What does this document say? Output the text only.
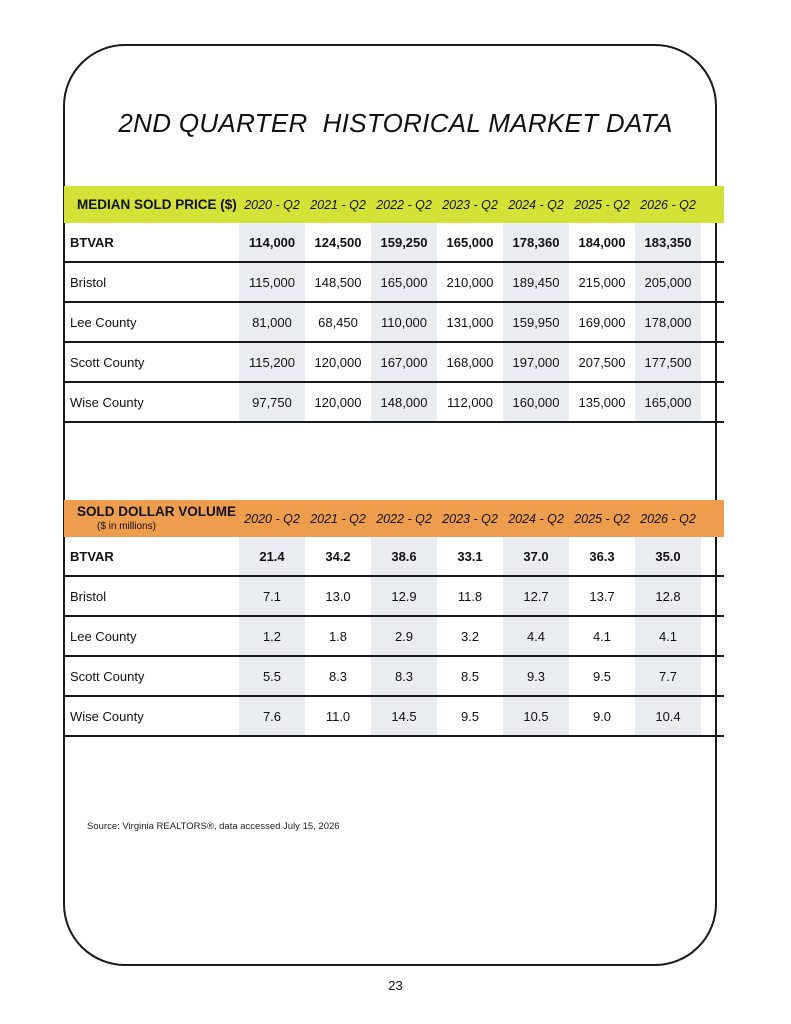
2ND QUARTER  HISTORICAL MARKET DATA
MEDIAN SOLD PRICE ($)	2020 - Q2	2021 - Q2	2022 - Q2	2023 - Q2	2024 - Q2	2025 - Q2	2026 - Q2	
BTVAR	114,000	124,500	159,250	165,000	178,360	184,000	183,350	
Bristol	115,000	148,500	165,000	210,000	189,450	215,000	205,000	
Lee County	81,000	68,450	110,000	131,000	159,950	169,000	178,000	
Scott County	115,200	120,000	167,000	168,000	197,000	207,500	177,500	
Wise County	97,750	120,000	148,000	112,000	160,000	135,000	165,000	
SOLD DOLLAR VOLUME
($ in millions)	2020 - Q2	2021 - Q2	2022 - Q2	2023 - Q2	2024 - Q2	2025 - Q2	2026 - Q2	
BTVAR	21.4	34.2	38.6	33.1	37.0	36.3	35.0	
Bristol	7.1	13.0	12.9	11.8	12.7	13.7	12.8	
Lee County	1.2	1.8	2.9	3.2	4.4	4.1	4.1	
Scott County	5.5	8.3	8.3	8.5	9.3	9.5	7.7	
Wise County	7.6	11.0	14.5	9.5	10.5	9.0	10.4	
Source: Virginia REALTORS®, data accessed July 15, 2026
23
